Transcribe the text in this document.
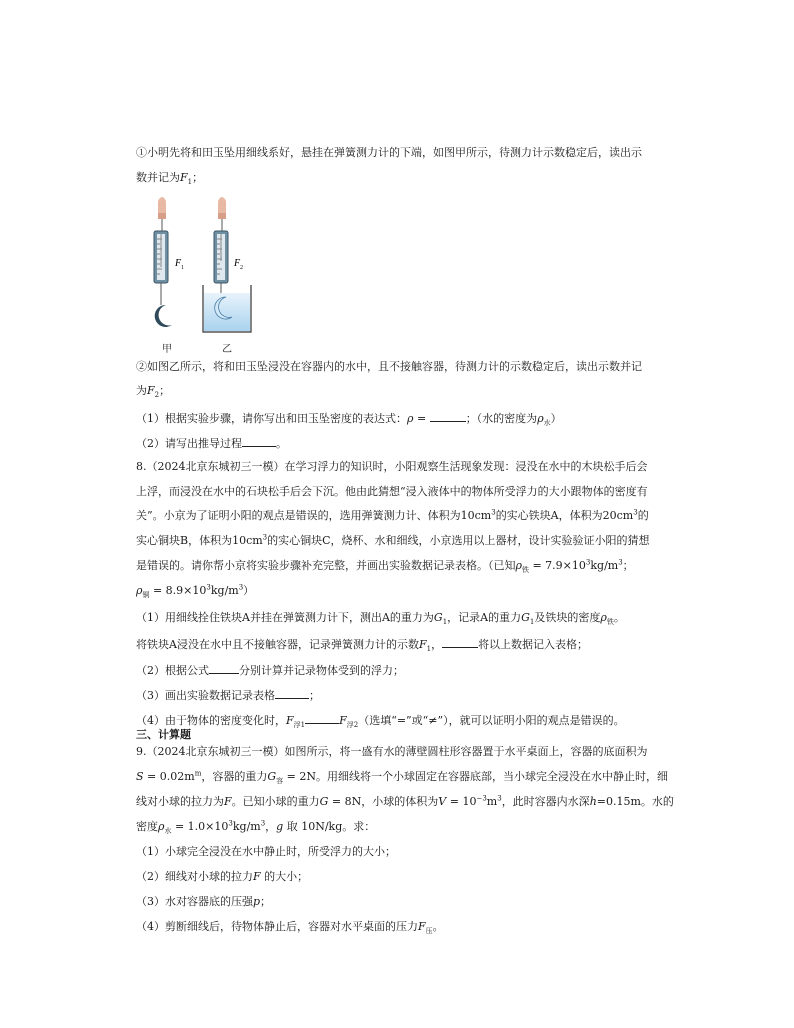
①小明先将和田玉坠用细线系好，悬挂在弹簧测力计的下端，如图甲所示，待测力计示数稳定后，读出示
数并记为$F_1$；
F 1	F 2
甲	乙
②如图乙所示，将和田玉坠浸没在容器内的水中，且不接触容器，待测力计的示数稳定后，读出示数并记
为$F_2$；
（1）根据实验步骤，请你写出和田玉坠密度的表达式：ρ =	；（水的密度为$\rho_水$）
（2）请写出推导过程	。
8.（2024北京东城初三一模）在学习浮力的知识时，小阳观察生活现象发现：浸没在水中的木块松手后会
上浮，而浸没在水中的石块松手后会下沉。他由此猜想“浸入液体中的物体所受浮力的大小跟物体的密度有
关”。小京为了证明小阳的观点是错误的，选用弹簧测力计、体积为$10cm^3$的实心铁块A，体积为$20cm^3$的
实心铜块B，体积为$10cm^3$的实心铜块C，烧杯、水和细线，小京选用以上器材，设计实验验证小阳的猜想
是错误的。请你帮小京将实验步骤补充完整，并画出实验数据记录表格。（已知$\rho_铁 = 7.9\times 10^3kg/m^3$；
$\rho_铜 = 8.9\times 10^3kg/m^3$）
（1）用细线拴住铁块A并挂在弹簧测力计下，测出A的重力为$G_1$，记录A的重力$G_1$及铁块的密度$\rho_铁$。
将铁块A浸没在水中且不接触容器，记录弹簧测力计的示数$F_1$，	将以上数据记入表格；
（2）根据公式	分别计算并记录物体受到的浮力；
（3）画出实验数据记录表格	；
（4）由于物体的密度变化时，$F_{浮1}$	$F_{浮2}$（选填“=”或“≠”），就可以证明小阳的观点是错误的。
三、计算题
9.（2024北京东城初三一模）如图所示，将一盛有水的薄壁圆柱形容器置于水平桌面上，容器的底面积为
$S = 0.02m^m$，容器的重力$G_容 = 2N$。用细线将一个小球固定在容器底部，当小球完全浸没在水中静止时，细
线对小球的拉力为F。已知小球的重力G = 8N，小球的体积为$V = 10^{-3}m^3$，此时容器内水深h=0.15m。水的
密度$\rho_水 = 1.0\times 10^3kg/m^3$，g 取 10N/kg。求：
（1）小球完全浸没在水中静止时，所受浮力的大小；
（2）细线对小球的拉力F 的大小；
（3）水对容器底的压强p；
（4）剪断细线后，待物体静止后，容器对水平桌面的压力$F_压$。
